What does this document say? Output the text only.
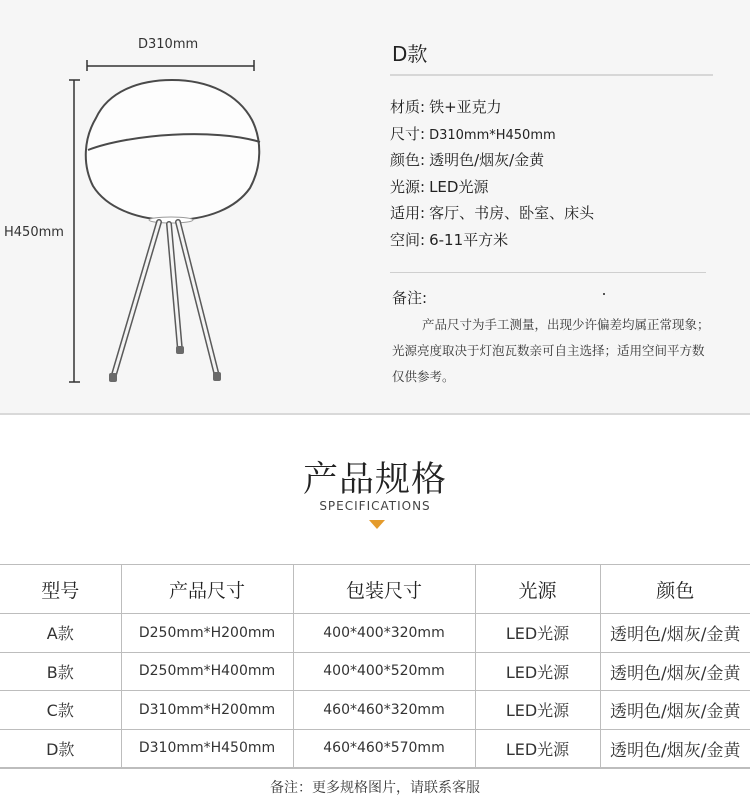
D310mm
H450mm
D款
材质: 铁+亚克力
尺寸: D310mm*H450mm
颜色: 透明色/烟灰/金黄
光源: LED光源
适用: 客厅、书房、卧室、床头
空间: 6-11平方米
备注:
产品尺寸为手工测量，出现少许偏差均属正常现象；光源亮度取决于灯泡瓦数亲可自主选择；适用空间平方数仅供参考。
产品规格
SPECIFICATIONS
型号	产品尺寸	包装尺寸	光源	颜色
A款	D250mm*H200mm	400*400*320mm	LED光源	透明色/烟灰/金黄
B款	D250mm*H400mm	400*400*520mm	LED光源	透明色/烟灰/金黄
C款	D310mm*H200mm	460*460*320mm	LED光源	透明色/烟灰/金黄
D款	D310mm*H450mm	460*460*570mm	LED光源	透明色/烟灰/金黄
备注：更多规格图片，请联系客服
